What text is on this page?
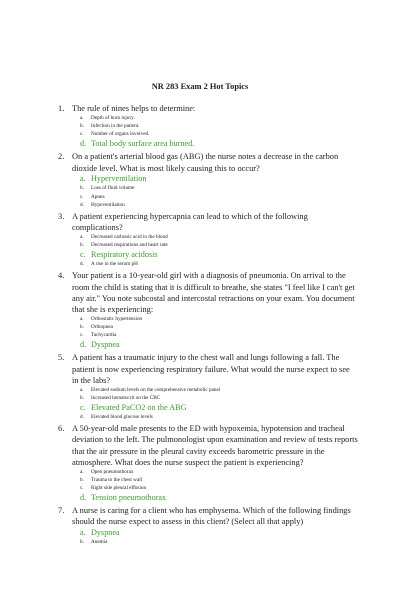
NR 283 Exam 2 Hot Topics
1. The rule of nines helps to determine:
a.	Depth of burn injury.
b.	Infection in the patient.
c.	Number of organs involved.
d. Total body surface area burned.
2. On a patient's arterial blood gas (ABG) the nurse notes a decrease in the carbon dioxide level. What is most likely causing this to occur?
a. Hyperventilation
b.	Loss of fluid volume
c.	Apnea
d.	Hypoventilation
3. A patient experiencing hypercapnia can lead to which of the following complications?
a.	Decreased carbonic acid in the blood
b.	Decreased respirations and heart rate
c. Respiratory acidosis
d.	A rise in the serum pH
4. Your patient is a 10-year-old girl with a diagnosis of pneumonia. On arrival to the room the child is stating that it is difficult to breathe, she states "I feel like I can't get any air." You note subcostal and intercostal retractions on your exam. You document that she is experiencing:
a.	Orthostatic hypertension
b.	Orthopnea
c.	Tachycardia
d. Dyspnea
5. A patient has a traumatic injury to the chest wall and lungs following a fall. The patient is now experiencing respiratory failure. What would the nurse expect to see in the labs?
a.	Elevated sodium levels on the comprehensive metabolic panel
b.	Increased hematocrit on the CBC
c. Elevated PaCO2 on the ABG
d.	Elevated blood glucose levels
6. A 50-year-old male presents to the ED with hypoxemia, hypotension and tracheal deviation to the left. The pulmonologist upon examination and review of tests reports that the air pressure in the pleural cavity exceeds barometric pressure in the atmosphere. What does the nurse suspect the patient is experiencing?
a.	Open pneumothorax
b.	Trauma to the chest wall
c.	Right side pleural effusion
d. Tension pneumothorax
7. A nurse is caring for a client who has emphysema. Which of the following findings should the nurse expect to assess in this client? (Select all that apply)
a. Dyspnea
b.	Anemia
